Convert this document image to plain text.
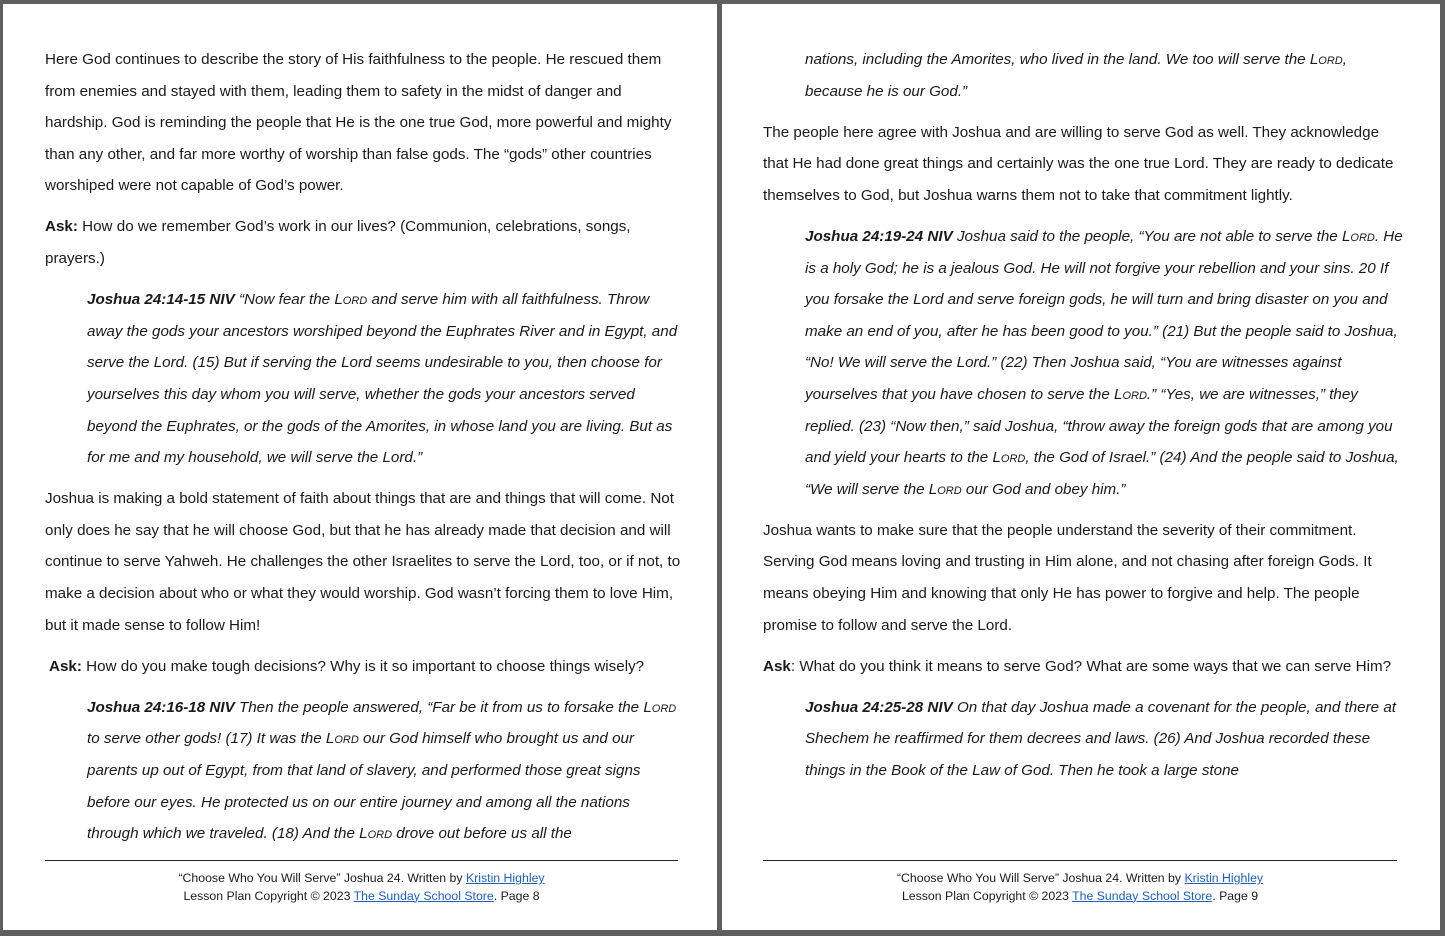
Here God continues to describe the story of His faithfulness to the people. He rescued them from enemies and stayed with them, leading them to safety in the midst of danger and hardship. God is reminding the people that He is the one true God, more powerful and mighty than any other, and far more worthy of worship than false gods. The “gods” other countries worshiped were not capable of God’s power.

Ask: How do we remember God’s work in our lives? (Communion, celebrations, songs, prayers.)

Joshua 24:14-15 NIV “Now fear the Lord and serve him with all faithfulness. Throw away the gods your ancestors worshiped beyond the Euphrates River and in Egypt, and serve the Lord. (15) But if serving the Lord seems undesirable to you, then choose for yourselves this day whom you will serve, whether the gods your ancestors served beyond the Euphrates, or the gods of the Amorites, in whose land you are living. But as for me and my household, we will serve the Lord.”

Joshua is making a bold statement of faith about things that are and things that will come. Not only does he say that he will choose God, but that he has already made that decision and will continue to serve Yahweh. He challenges the other Israelites to serve the Lord, too, or if not, to make a decision about who or what they would worship. God wasn’t forcing them to love Him, but it made sense to follow Him!

Ask: How do you make tough decisions? Why is it so important to choose things wisely?

Joshua 24:16-18 NIV Then the people answered, “Far be it from us to forsake the Lord to serve other gods! (17) It was the Lord our God himself who brought us and our parents up out of Egypt, from that land of slavery, and performed those great signs before our eyes. He protected us on our entire journey and among all the nations through which we traveled. (18) And the Lord drove out before us all the

“Choose Who You Will Serve” Joshua 24. Written by Kristin Highley
Lesson Plan Copyright © 2023 The Sunday School Store. Page 8

nations, including the Amorites, who lived in the land. We too will serve the Lord, because he is our God.”

The people here agree with Joshua and are willing to serve God as well. They acknowledge that He had done great things and certainly was the one true Lord. They are ready to dedicate themselves to God, but Joshua warns them not to take that commitment lightly.

Joshua 24:19-24 NIV Joshua said to the people, “You are not able to serve the Lord. He is a holy God; he is a jealous God. He will not forgive your rebellion and your sins. 20 If you forsake the Lord and serve foreign gods, he will turn and bring disaster on you and make an end of you, after he has been good to you.” (21) But the people said to Joshua, “No! We will serve the Lord.” (22) Then Joshua said, “You are witnesses against yourselves that you have chosen to serve the Lord.” “Yes, we are witnesses,” they replied. (23) “Now then,” said Joshua, “throw away the foreign gods that are among you and yield your hearts to the Lord, the God of Israel.” (24) And the people said to Joshua, “We will serve the Lord our God and obey him.”

Joshua wants to make sure that the people understand the severity of their commitment. Serving God means loving and trusting in Him alone, and not chasing after foreign Gods. It means obeying Him and knowing that only He has power to forgive and help. The people promise to follow and serve the Lord.

Ask: What do you think it means to serve God? What are some ways that we can serve Him?

Joshua 24:25-28 NIV On that day Joshua made a covenant for the people, and there at Shechem he reaffirmed for them decrees and laws. (26) And Joshua recorded these things in the Book of the Law of God. Then he took a large stone

“Choose Who You Will Serve” Joshua 24. Written by Kristin Highley
Lesson Plan Copyright © 2023 The Sunday School Store. Page 9
